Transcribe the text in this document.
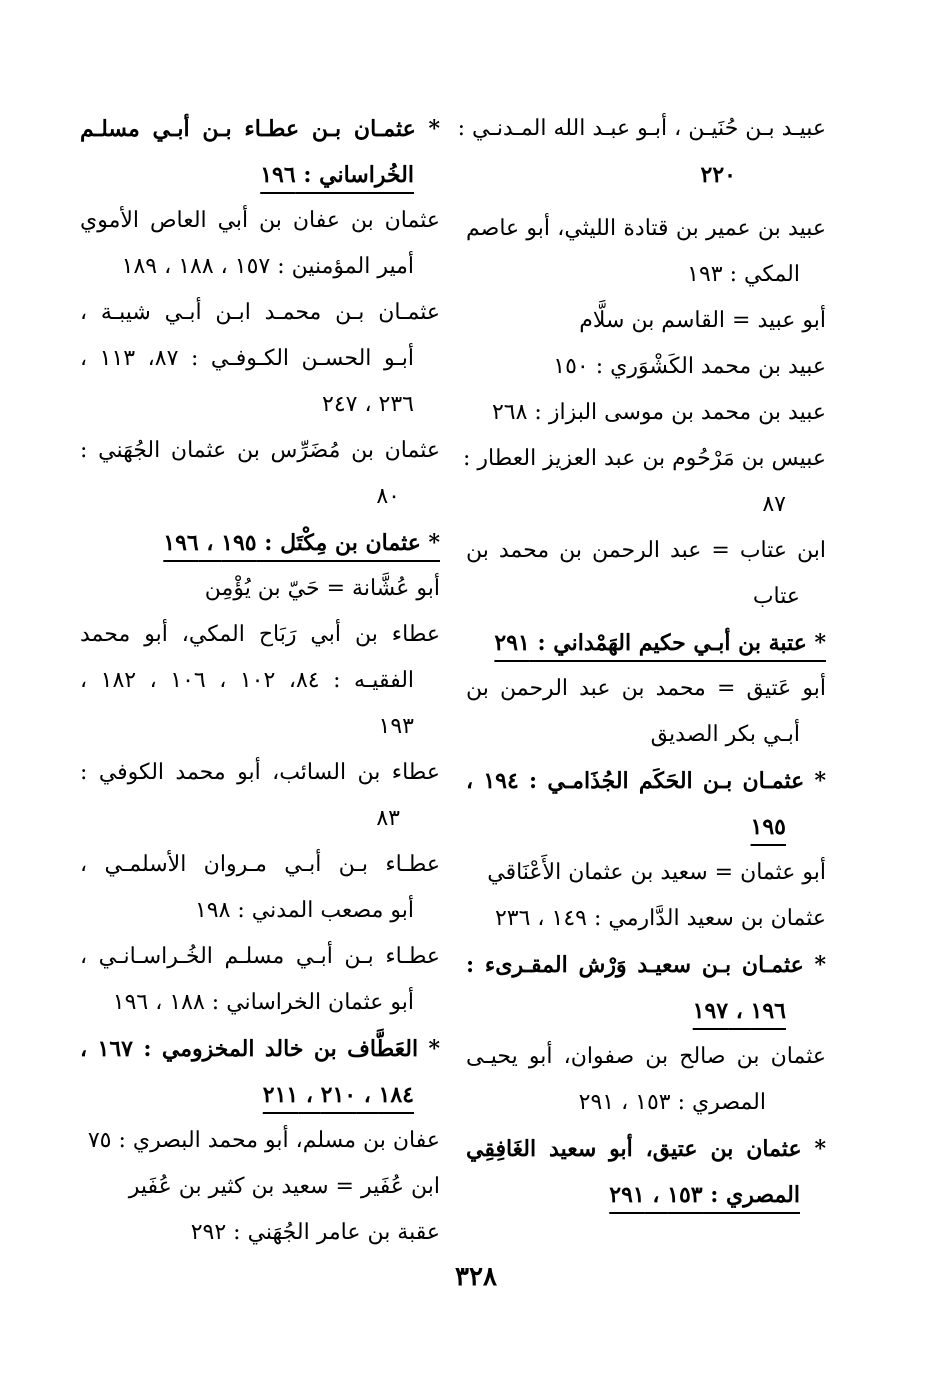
عبيـد بـن حُنَيـن ، أبـو عبـد الله المـدنـي :
٢٢٠
عبيد بن عمير بن قتادة الليثي، أبو عاصم
المكي : ١٩٣
أبو عبيد = القاسم بن سلَّام
عبيد بن محمد الكَشْوَري : ١٥٠
عبيد بن محمد بن موسى البزاز : ٢٦٨
عبيس بن مَرْحُوم بن عبد العزيز العطار :
٨٧
ابن عتاب = عبد الرحمن بن محمد بن
عتاب
* عتبة بن أبـي حكيم الهَمْداني : ٢٩١
أبو عَتيق = محمد بن عبد الرحمن بن
أبـي بكر الصديق
* عثمـان بـن الحَكَم الجُذَامـي : ١٩٤ ،
١٩٥
أبو عثمان = سعيد بن عثمان الأَعْنَاقي
عثمان بن سعيد الدَّارمي : ١٤٩ ، ٢٣٦
* عثمـان بـن سعيـد وَرْش المقـرىء :
١٩٦ ، ١٩٧
عثمان بن صالح بن صفوان، أبو يحيـى
المصري : ١٥٣ ، ٢٩١
* عثمان بن عتيق، أبو سعيد الغَافِقِي
المصري : ١٥٣ ، ٢٩١
* عثمـان بـن عطـاء بـن أبـي مسلـم
الخُراساني : ١٩٦
عثمان بن عفان بن أبي العاص الأموي
أمير المؤمنين : ١٥٧ ، ١٨٨ ، ١٨٩
عثمـان بـن محمـد ابـن أبـي شيبـة ،
أبـو الحسـن الكـوفـي : ٨٧، ١١٣ ،
٢٣٦ ، ٢٤٧
عثمان بن مُضَرِّس بن عثمان الجُهَني :
٨٠
* عثمان بن مِكْتَل : ١٩٥ ، ١٩٦
أبو عُشَّانة = حَيّ بن يُؤْمِن
عطاء بن أبي رَبَاح المكي، أبو محمد
الفقيـه : ٨٤، ١٠٢ ، ١٠٦ ، ١٨٢ ،
١٩٣
عطاء بن السائب، أبو محمد الكوفي :
٨٣
عطـاء بـن أبـي مـروان الأسلمـي ،
أبو مصعب المدني : ١٩٨
عطـاء بـن أبـي مسلـم الخُـراسـانـي ،
أبو عثمان الخراساني : ١٨٨ ، ١٩٦
* العَطَّاف بن خالد المخزومي : ١٦٧ ،
١٨٤ ، ٢١٠ ، ٢١١
عفان بن مسلم، أبو محمد البصري : ٧٥
ابن عُفَير = سعيد بن كثير بن عُفَير
عقبة بن عامر الجُهَني : ٢٩٢
٣٢٨
